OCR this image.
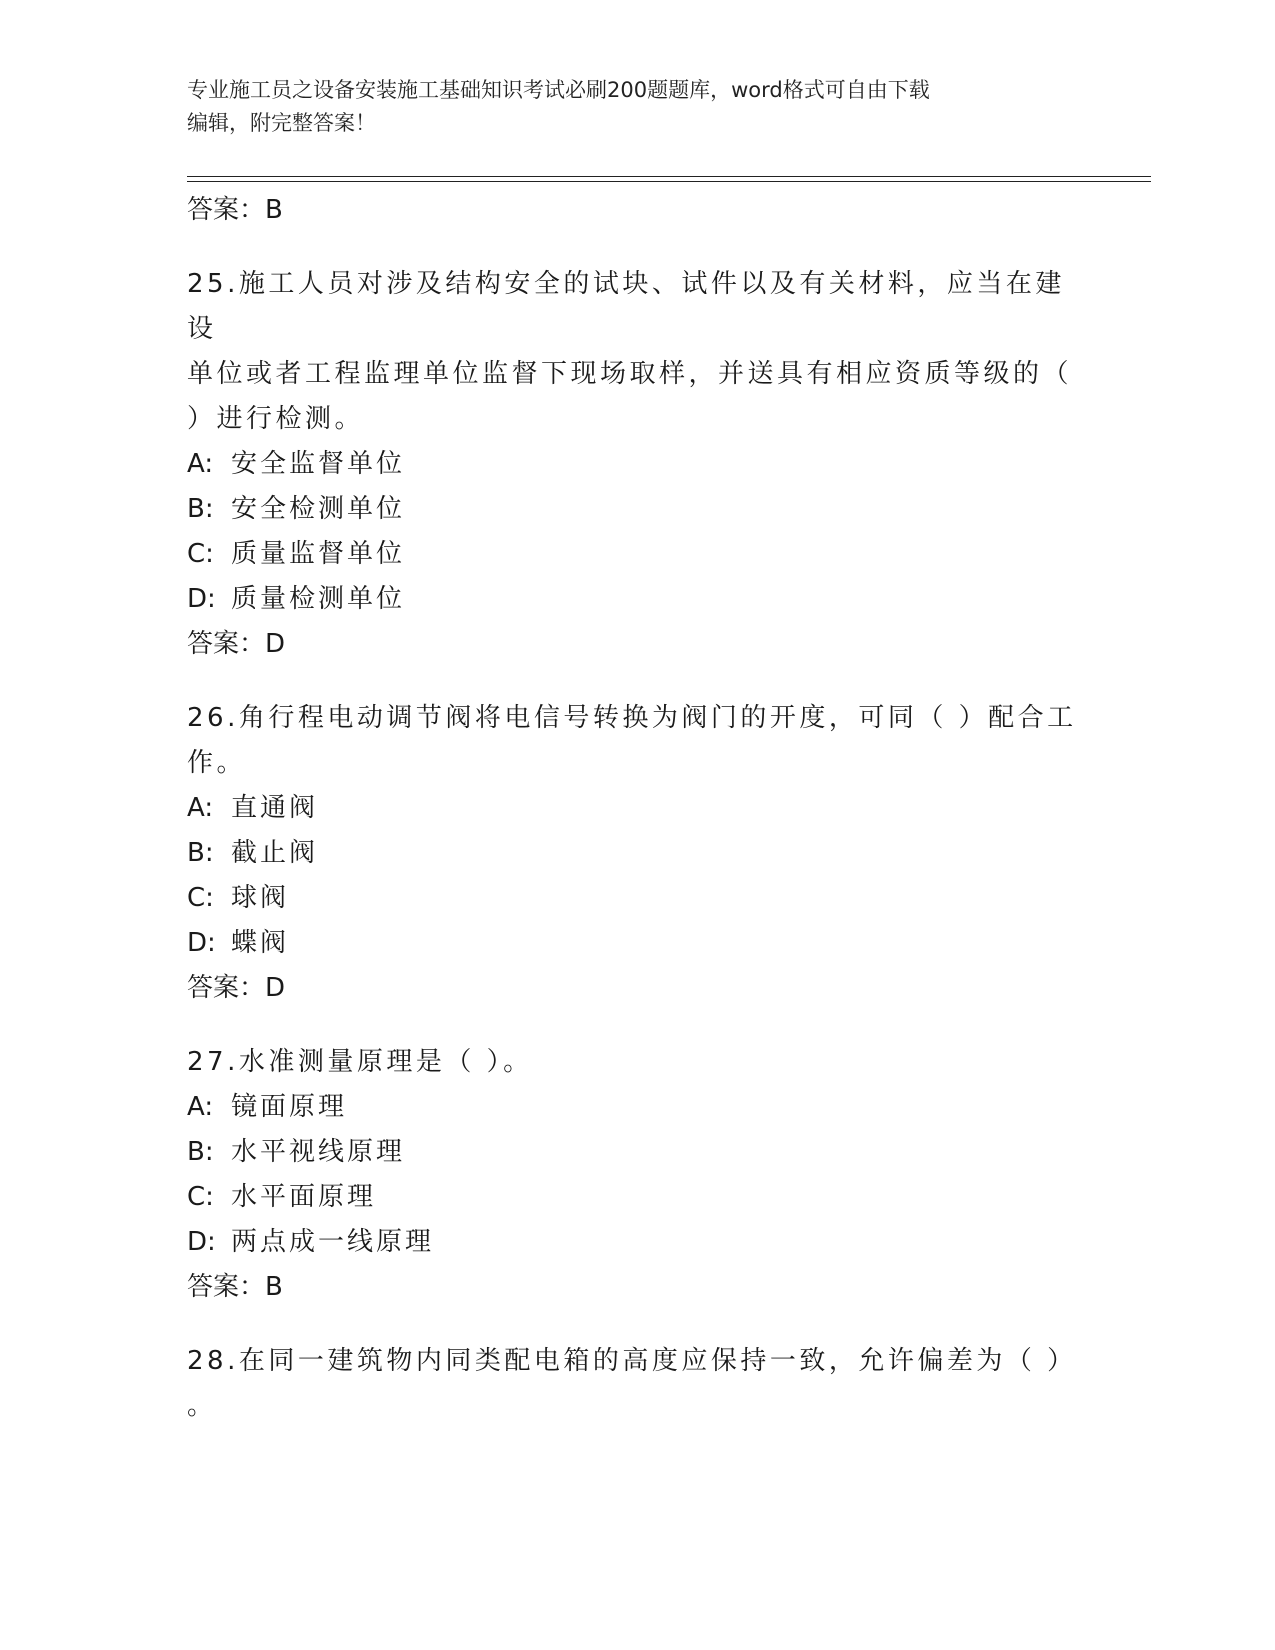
专业施工员之设备安装施工基础知识考试必刷200题题库，word格式可自由下载
编辑，附完整答案！
答案：B
25.施工人员对涉及结构安全的试块、试件以及有关材料，应当在建设
单位或者工程监理单位监督下现场取样，并送具有相应资质等级的（
）进行检测。
A: 安全监督单位
B: 安全检测单位
C: 质量监督单位
D: 质量检测单位
答案：D
26.角行程电动调节阀将电信号转换为阀门的开度，可同（ ）配合工
作。
A: 直通阀
B: 截止阀
C: 球阀
D: 蝶阀
答案：D
27.水准测量原理是（ ）。
A: 镜面原理
B: 水平视线原理
C: 水平面原理
D: 两点成一线原理
答案：B
28.在同一建筑物内同类配电箱的高度应保持一致，允许偏差为（ ）
。
